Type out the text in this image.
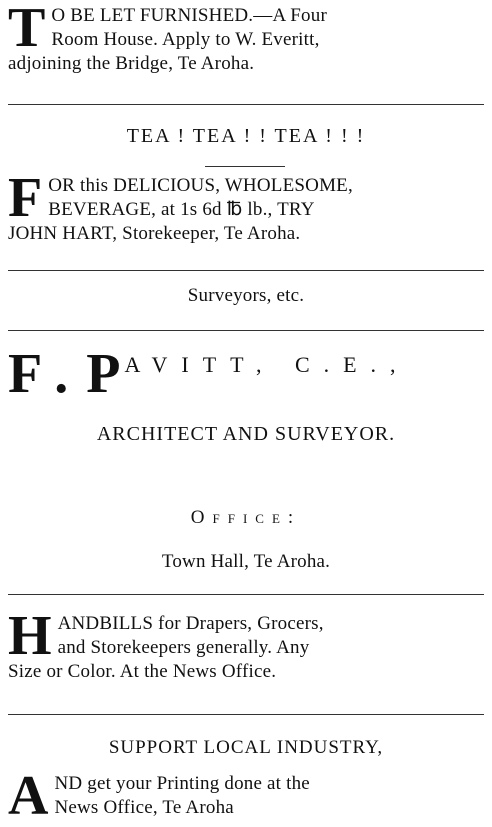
T O BE LET FURNISHED.—A Four
Room House. Apply to W. Everitt,
adjoining the Bridge, Te Aroha.
TEA ! TEA ! ! TEA ! ! !
F OR this DELICIOUS, WHOLESOME,
BEVERAGE, at 1s 6d ℔ lb., TRY
JOHN HART, Storekeeper, Te Aroha.
Surveyors, etc.
F . P AVITT, C.E.,
ARCHITECT AND SURVEYOR.
Office:
Town Hall, Te Aroha.
H ANDBILLS for Drapers, Grocers,
and Storekeepers generally. Any
Size or Color. At the News Office.
SUPPORT LOCAL INDUSTRY,
A ND get your Printing done at the
News Office, Te Aroha
